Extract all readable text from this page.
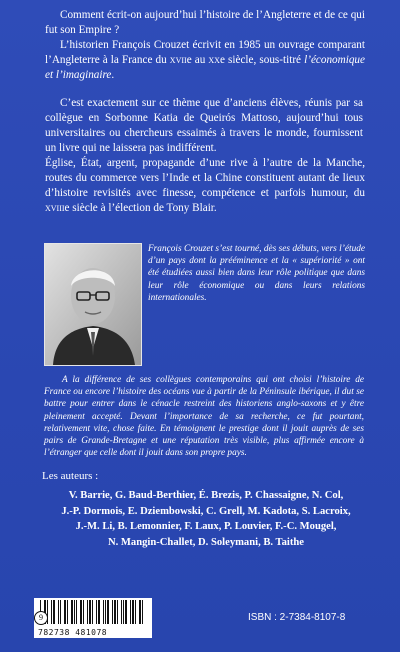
Comment écrit-on aujourd’hui l’histoire de l’Angleterre et de ce qui fut son Empire ?
L’historien François Crouzet écrivit en 1985 un ouvrage comparant l’Angleterre à la France du xviie au xxe siècle, sous-titré l’économique et l’imaginaire.
C’est exactement sur ce thème que d’anciens élèves, réunis par sa collègue en Sorbonne Katia de Queirós Mattoso, aujourd’hui tous universitaires ou chercheurs essaimés à travers le monde, fournissent un livre qui ne laissera pas indifférent.
Église, État, argent, propagande d’une rive à l’autre de la Manche, routes du commerce vers l’Inde et la Chine constituent autant de lieux d’histoire revisités avec finesse, compétence et parfois humour, du xviiie siècle à l’élection de Tony Blair.
François Crouzet s’est tourné, dès ses débuts, vers l’étude d’un pays dont la prééminence et la « supériorité » ont été étudiées aussi bien dans leur rôle politique que dans leur rôle économique ou dans leurs relations internationales.
A la différence de ses collègues contemporains qui ont choisi l’histoire de France ou encore l’histoire des océans vue à partir de la Péninsule ibérique, il dut se battre pour entrer dans le cénacle restreint des historiens anglo-saxons et y être pleinement accepté. Devant l’importance de sa recherche, ce fut pourtant, relativement vite, chose faite. En témoignent le prestige dont il jouit auprès de ses pairs de Grande-Bretagne et une réputation très visible, plus affirmée encore à l’étranger que celle dont il jouit dans son propre pays.
Les auteurs :
V. Barrie, G. Baud-Berthier, É. Brezis, P. Chassaigne, N. Col,
J.-P. Dormois, E. Dziembowski, C. Grell, M. Kadota, S. Lacroix,
J.-M. Li, B. Lemonnier, F. Laux, P. Louvier, F.-C. Mougel,
N. Mangin-Challet, D. Soleymani, B. Taithe
782738 481078
9	ISBN : 2-7384-8107-8
